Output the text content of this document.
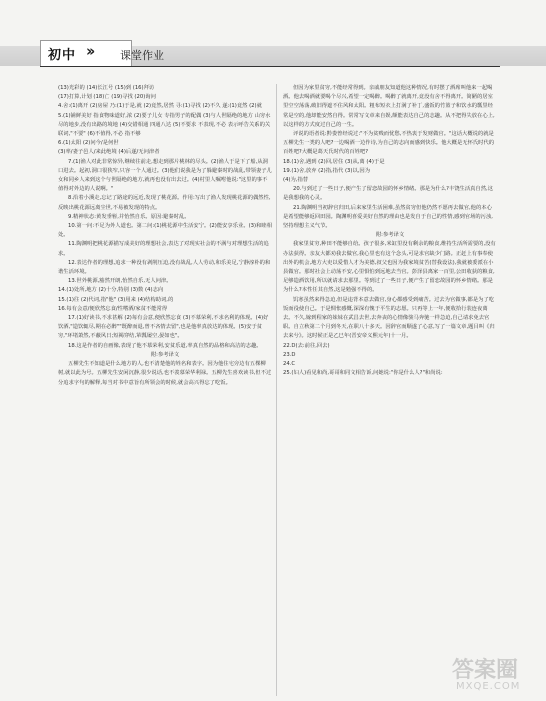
初中 ››	课堂作业

(13)光彩的 (14)长江号 (15)到 (16)拜访

(17)打算,计划 (18)亡 (19)寻找 (20)询问

4.舍:(1)离开 (2)房屋 乃:(1)于是,就 (2)竟然,居然 寻:(1)寻找 (2)不久 遂:(1)竟然 (2)就

5.(1)铺鲜美好 指食物味道好,浓 (2)要子儿女 专指男子的配偶 (3)与人世隔绝的地方 山穷水尽的地步,没有出路的境地 (4)交错相通 四通八达 (5)不要求 不表现,不必 表示呼告关系的关联词,"不要" (6)不值得,不必 指不够

6.(1)太阳 (2)问今/是何世

(3)率/妻子邑人/来此绝境 (4)后遂/无问津者

7.(1)渔人对此非常惊异,继续往前走,想走到那片桃林的尽头。(2)渔人于是下了船,从洞口进去。起初,洞口很狭窄,只容一个人通过。(3)他们说我是为了躲避秦时的战乱,带领妻子儿女和同乡人来到这个与世隔绝的地方,就再也没有出去过。(4)村里人嘱咐他说:"这里的事不值得对外边的人说啊。"

8.沿着小溪走,忘记了路途的远近,发现了桃花源。作用:写出了渔人发现桃花源的偶然性,反映出桃花源远离尘世,不易被发现的特点。

9.精神状态:黄发垂髫,并怡然自乐。原因:避秦时乱。

10.第一问:不足为外人道也。第二问:(1)桃花源中生活安宁。(2)能安享乐业。(3)和睦相处。

11.陶渊明把桃花源描写成美好的理想社会,表达了对现实社会的不满与对理想生活的追求。

12.表达作者的理想,追求一种没有剥削压迫,没有战乱,人人劳动,和乐美足,宁静淳朴的和谐生活环境。

13.世外桃源,豁然开朗,怡然自乐,无人问津。

14.(1)处所,地方 (2)十分,特别 (3)数 (4)志向

15.(1)往 (2)代词,指"他" (3)用来 (4)结构助词,的

16.每有会意/便欣然忘食/性嗜酒/家贫不能常得

17.(1)好读书,不求甚解 (2)每有会意,便欣然忘食 (3)不慕荣利,不求名利的体现。(4)好饮酒,"造饮辄尽,期在必醉""既醉而退,曾不吝情去留",也是他率真放达的体现。(5)安于贫穷,"环堵萧然,不蔽风日;短褐穿结,箪瓢屡空,晏如也"。

18.这是作者的自画像,表现了他不慕荣利,安贫乐道,率真自然的品格和高洁的志趣。

附:参考译文

五柳先生不知道是什么地方的人,也不清楚他的姓名和表字。因为他住宅旁边有五棵柳树,就以此为号。五柳先生安闲沉静,很少说话,也不羡慕荣华利禄。五柳先生喜欢读书,但不过分追求字句的解释,每当对书中意旨有所领会的时候,就会高兴得忘了吃饭。

但因为家里贫穷,不能经常得到。亲戚朋友知道他这种情况,有时摆了酒席叫他来一起喝酒。他去喝酒就要喝个尽兴,希望一定喝醉。喝醉了就离开,竟没有舍不得离开。简陋的居室里空空荡荡,破旧得遮不住风和太阳。粗布短衣上打满了补丁,盛饭的竹篮子和饮水的瓢里经常是空的,他却能安然自得。常常写文章来自娱,颇能表达自己的志趣。从不把得失放在心上,以这样的方式度过自己的一生。

评说的语者说:黔娄曾经说过:"不为贫贱而忧愁,不热衷于发财做官。"这话大概说的就是五柳先生一类的人吧?一边喝酒一边作诗,为自己的志向而感到快乐。他大概是无怀氏时代的百姓吧?大概是葛天氏时代的百姓吧?

18.(1)舍,遇到 (2)回,居住 (3)从,离 (4)于是

19.(1)舍,放弃 (2)指,指代 (3)以,因为

(4)为,指替

20.与到过了一些日子,便产生了留恋故园的怀乡情绪。那是为什么?丰饶生活真自然,这是我想我的心灵。

21.陶渊明当初辞官归田,后来家里生活困难,虽然贫穷但他仍然不愿再去做官,他的本心是希望能够返回田园。陶渊明喜爱美好自然的理由也是发自于自己的性情,感到官场的污浊,坚持理想主义气节。

附:参考译文

我家里贫穷,种田不能够自给。孩子很多,米缸里没有剩余的粮食,维持生活所需要的,没有办法获得。亲友大都劝我去做官,我心里也有这个念头,可是求官缺少门路。正赶上有事奉使出外的机会,地方大吏以爱惜人才为美德,叔父也因为我家境贫苦(替我设法),我就被委派在小县做官。那时社会上动荡不安,心里惧怕到远地去当官。彭泽县离家一百里,公田收获的粮食,足够造酒饮用,所以就请求去那里。等到过了一些日子,便产生了留恋故园的怀乡情绪。那是为什么?本性任其自然,这是勉强不得的。

饥寒虽然来得急迫,但是违背本意去做官,身心都感受到痛苦。过去为官做事,都是为了吃饭而役使自己。于是惆怅感慨,深深有愧于平生的志愿。只再等上一年,便收拾行装连夜离去。不久,嫁到程家的妹妹在武昌去世,去奔丧的心情像骏马奔驰一样急迫,自己请求免去官职。自立秋第二个月到冬天,在职八十多天。因辞官而顺遂了心意,写了一篇文章,题目叫《归去来兮》。这时候正是乙巳年(晋安帝义熙元年)十一月。

22.D(去:前往,回去)

23.D

24.C

25.(妇人)看见和尚,哥哥和同文相告诉,问她说:"你是什么人?"和尚说:

答案圈
MXQE.COM
